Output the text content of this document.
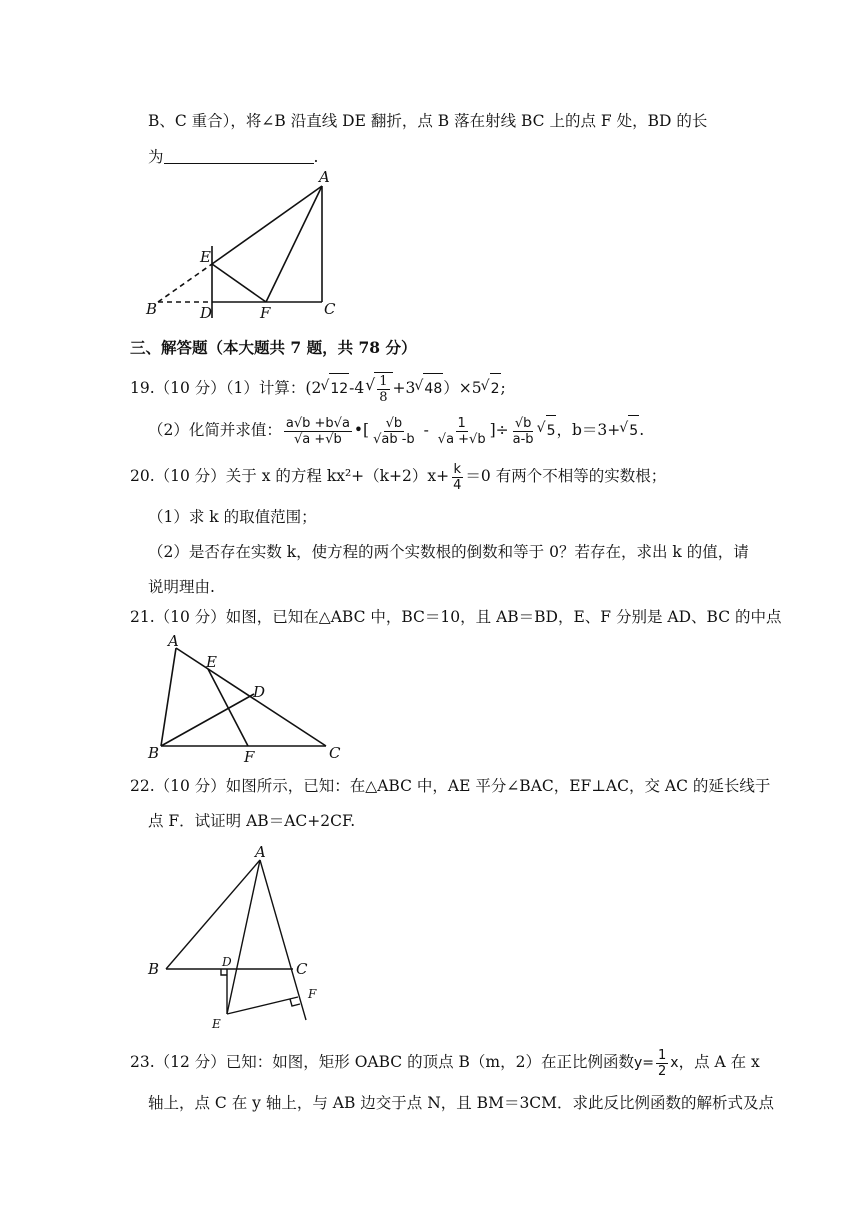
B、C 重合），将∠B 沿直线 DE 翻折，点 B 落在射线 BC 上的点 F 处，BD 的长
为	.
A
E
B	D	F	C
三、解答题（本大题共 7 题，共 78 分）
19.（10 分）（1）计算：(2√ 12-4
√ $\frac{1}{8} +3√$ 48）×5√ 2;
（2）化简并求值： $\frac{a√b +b√a}{√a +√b}$ •[ $\frac{√b}{√ab -b} - \frac{1}{√a +√b}$ ]÷ $\frac{√b}{a-b}$
√ 5，b＝3+√ 5.
20.（10 分）关于 x 的方程 $kx^2+(k+2)x+ \frac{k}{4} =0$ 有两个不相等的实数根；
（1）求 k 的取值范围；
（2）是否存在实数 k，使方程的两个实数根的倒数和等于 0？若存在，求出 k 的值，请
说明理由.
21.（10 分）如图，已知在△ABC 中，BC＝10，且 AB＝BD，E、F 分别是 AD、BC 的中点
A
E
D
B	F	C
22.（10 分）如图所示，已知：在△ABC 中，AE 平分∠BAC，EF⊥AC，交 AC 的延长线于
点 F．试证明 AB＝AC+2CF.
A
B	D	C
F
E
23.（12 分）已知：如图，矩形 OABC 的顶点 B（m，2）在正比例函数$y= \frac{1}{2}$ x，点 A 在 x
轴上，点 C 在 y 轴上，与 AB 边交于点 N，且 BM＝3CM．求此反比例函数的解析式及点
